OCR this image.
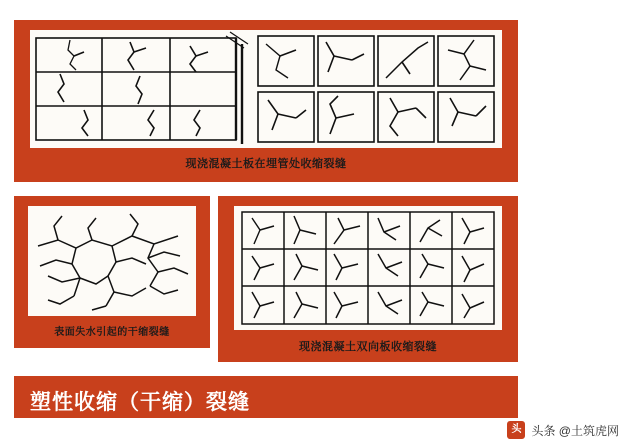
现浇混凝土板在埋管处收缩裂缝
表面失水引起的干缩裂缝
现浇混凝土双向板收缩裂缝
塑性收缩（干缩）裂缝
头 头条 @土筑虎网
